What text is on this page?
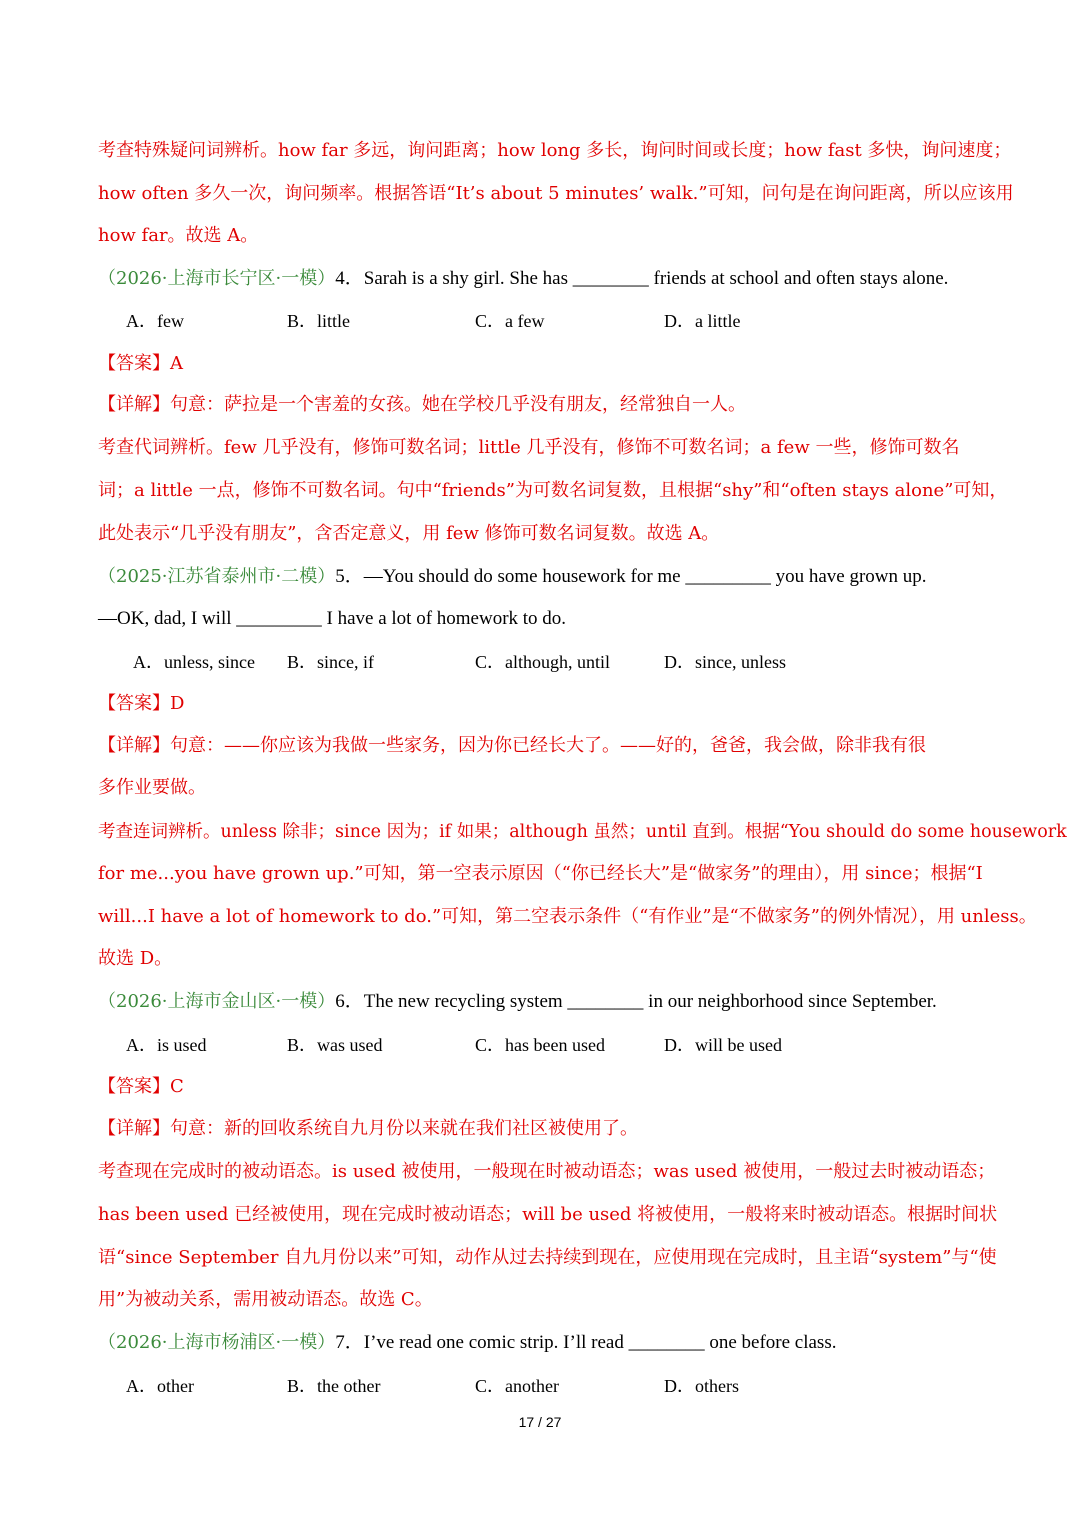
考查特殊疑问词辨析。how far 多远，询问距离；how long 多长，询问时间或长度；how fast 多快，询问速度；
how often 多久一次，询问频率。根据答语“It’s about 5 minutes’ walk.”可知，问句是在询问距离，所以应该用
how far。故选 A。
（2026·上海市长宁区·一模）4．Sarah is a shy girl. She has ________ friends at school and often stays alone.
A．few	B．little	C．a few	D．a little
【答案】A
【详解】句意：萨拉是一个害羞的女孩。她在学校几乎没有朋友，经常独自一人。
考查代词辨析。few 几乎没有，修饰可数名词；little 几乎没有，修饰不可数名词；a few 一些，修饰可数名
词；a little 一点，修饰不可数名词。句中“friends”为可数名词复数，且根据“shy”和“often stays alone”可知，
此处表示“几乎没有朋友”，含否定意义，用 few 修饰可数名词复数。故选 A。
（2025·江苏省泰州市·二模）5．—You should do some housework for me _________ you have grown up.
—OK, dad, I will _________ I have a lot of homework to do.
A．unless, since B．since, if	C．although, until	D．since, unless
【答案】D
【详解】句意：——你应该为我做一些家务，因为你已经长大了。——好的，爸爸，我会做，除非我有很
多作业要做。
考查连词辨析。unless 除非；since 因为；if 如果；although 虽然；until 直到。根据“You should do some housework
for me...you have grown up.”可知，第一空表示原因（“你已经长大”是“做家务”的理由），用 since；根据“I
will...I have a lot of homework to do.”可知，第二空表示条件（“有作业”是“不做家务”的例外情况），用 unless。
故选 D。
（2026·上海市金山区·一模）6．The new recycling system ________ in our neighborhood since September.
A．is used	B．was used	C．has been used	D．will be used
【答案】C
【详解】句意：新的回收系统自九月份以来就在我们社区被使用了。
考查现在完成时的被动语态。is used 被使用，一般现在时被动语态；was used 被使用，一般过去时被动语态；
has been used 已经被使用，现在完成时被动语态；will be used 将被使用，一般将来时被动语态。根据时间状
语“since September 自九月份以来”可知，动作从过去持续到现在，应使用现在完成时，且主语“system”与“使
用”为被动关系，需用被动语态。故选 C。
（2026·上海市杨浦区·一模）7．I’ve read one comic strip. I’ll read ________ one before class.
A．other	B．the other	C．another	D．others
17 / 27
